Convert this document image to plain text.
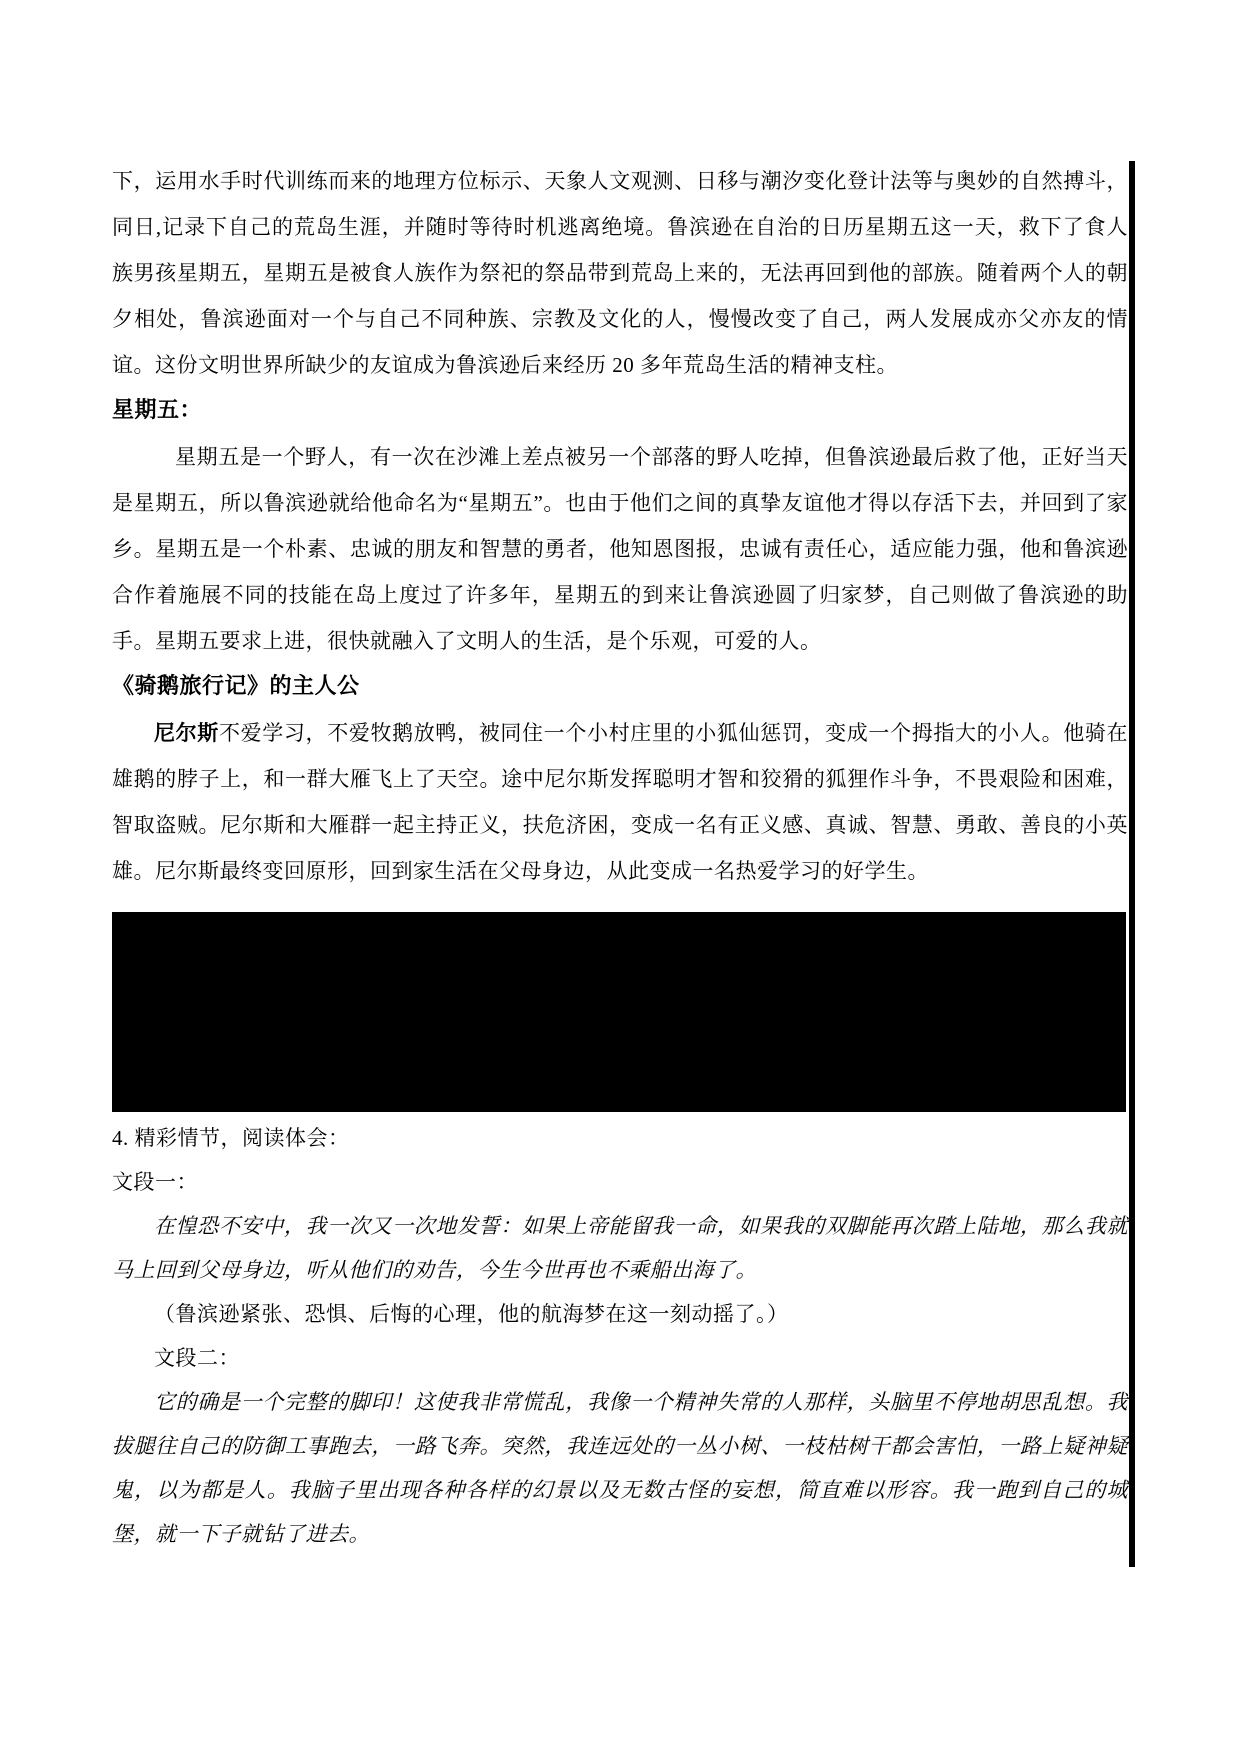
下，运用水手时代训练而来的地理方位标示、天象人文观测、日移与潮汐变化登计法等与奥妙的自然搏斗，同日,记录下自己的荒岛生涯，并随时等待时机逃离绝境。鲁滨逊在自治的日历星期五这一天，救下了食人族男孩星期五，星期五是被食人族作为祭祀的祭品带到荒岛上来的，无法再回到他的部族。随着两个人的朝夕相处，鲁滨逊面对一个与自己不同种族、宗教及文化的人，慢慢改变了自己，两人发展成亦父亦友的情谊。这份文明世界所缺少的友谊成为鲁滨逊后来经历 20 多年荒岛生活的精神支柱。

星期五：

星期五是一个野人，有一次在沙滩上差点被另一个部落的野人吃掉，但鲁滨逊最后救了他，正好当天是星期五，所以鲁滨逊就给他命名为“星期五”。也由于他们之间的真挚友谊他才得以存活下去，并回到了家乡。星期五是一个朴素、忠诚的朋友和智慧的勇者，他知恩图报，忠诚有责任心，适应能力强，他和鲁滨逊合作着施展不同的技能在岛上度过了许多年，星期五的到来让鲁滨逊圆了归家梦，自己则做了鲁滨逊的助手。星期五要求上进，很快就融入了文明人的生活，是个乐观，可爱的人。

《骑鹅旅行记》的主人公

尼尔斯不爱学习，不爱牧鹅放鸭，被同住一个小村庄里的小狐仙惩罚，变成一个拇指大的小人。他骑在雄鹅的脖子上，和一群大雁飞上了天空。途中尼尔斯发挥聪明才智和狡猾的狐狸作斗争，不畏艰险和困难，智取盗贼。尼尔斯和大雁群一起主持正义，扶危济困，变成一名有正义感、真诚、智慧、勇敢、善良的小英雄。尼尔斯最终变回原形，回到家生活在父母身边，从此变成一名热爱学习的好学生。

4. 精彩情节，阅读体会：

文段一：

在惶恐不安中，我一次又一次地发誓：如果上帝能留我一命，如果我的双脚能再次踏上陆地，那么我就马上回到父母身边，听从他们的劝告，今生今世再也不乘船出海了。

（鲁滨逊紧张、恐惧、后悔的心理，他的航海梦在这一刻动摇了。）

文段二：

它的确是一个完整的脚印！这使我非常慌乱，我像一个精神失常的人那样，头脑里不停地胡思乱想。我拔腿往自己的防御工事跑去，一路飞奔。突然，我连远处的一丛小树、一枝枯树干都会害怕，一路上疑神疑鬼，以为都是人。我脑子里出现各种各样的幻景以及无数古怪的妄想，简直难以形容。我一跑到自己的城堡，就一下子就钻了进去。
